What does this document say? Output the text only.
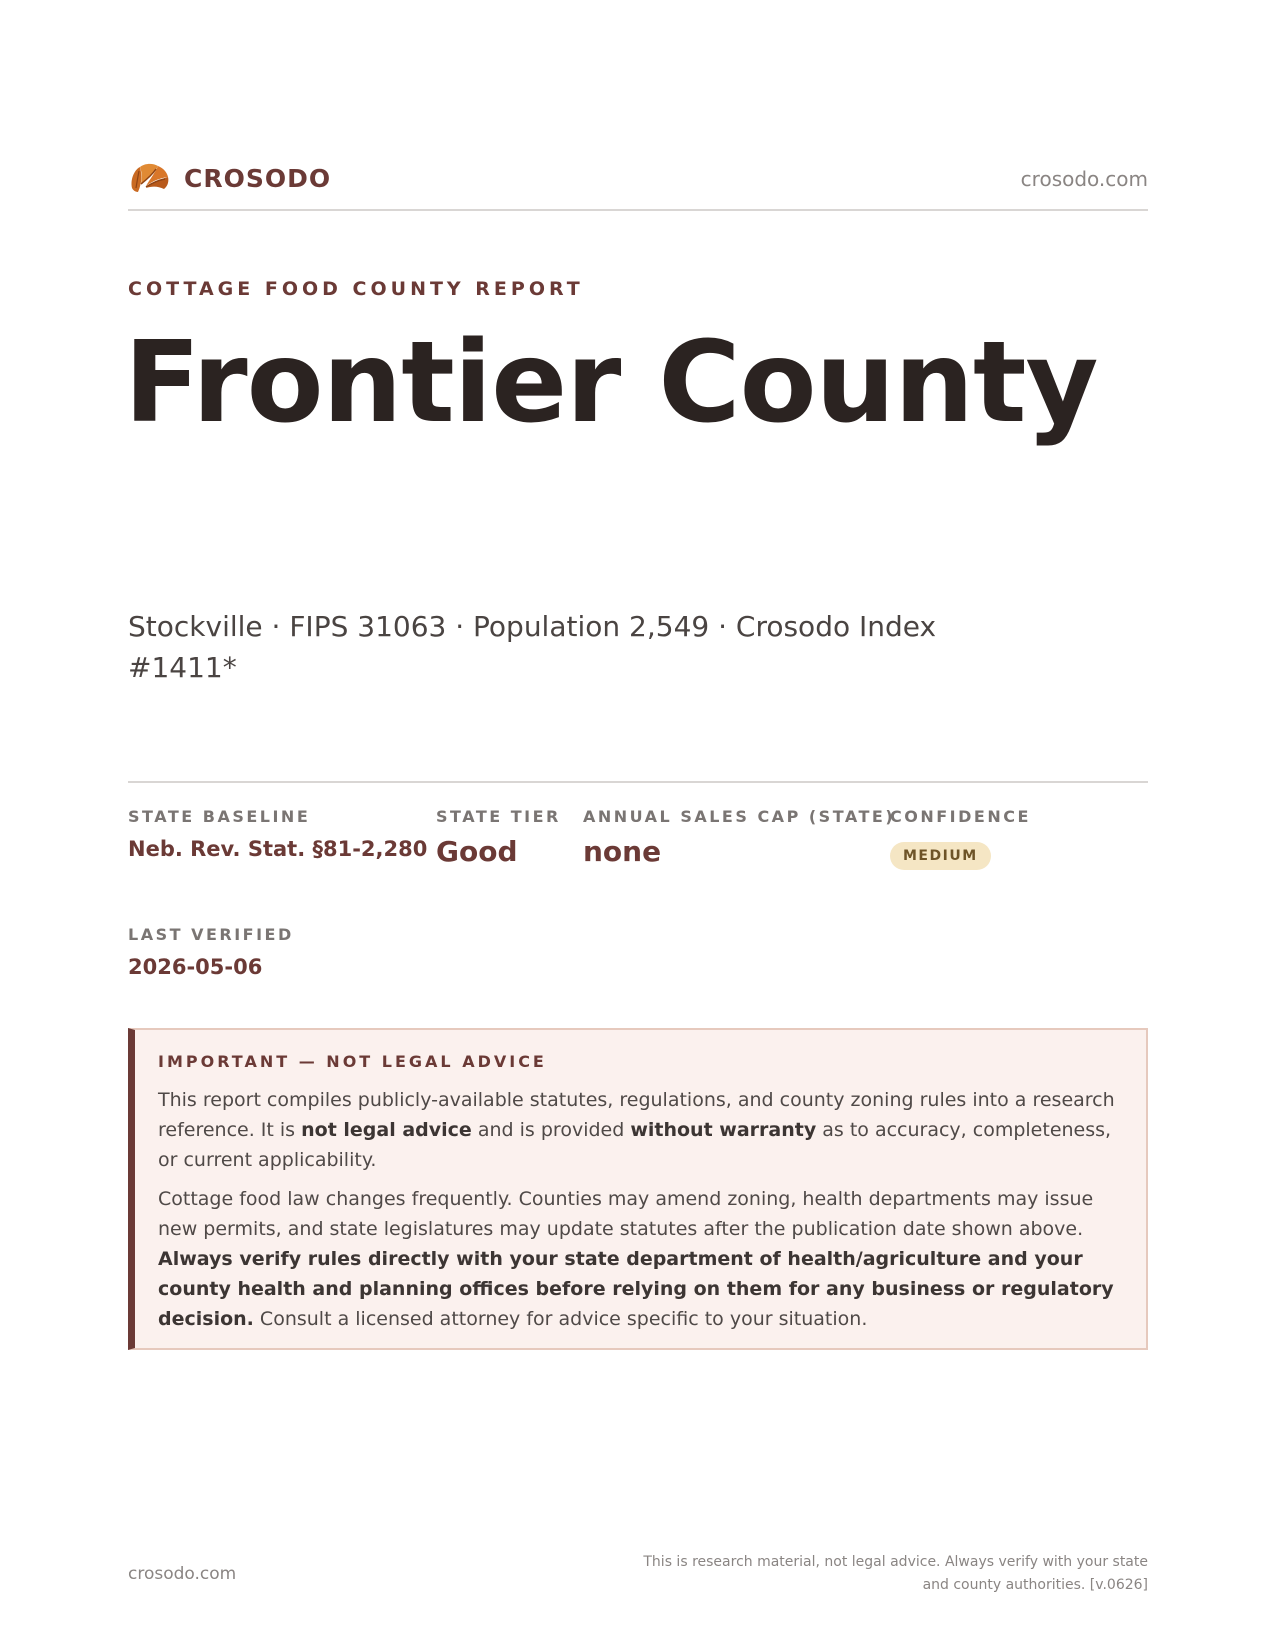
CROSODO	crosodo.com
COTTAGE FOOD COUNTY REPORT
Frontier County
Stockville · FIPS 31063 · Population 2,549 · Crosodo Index #1411*
STATE BASELINE
Neb. Rev. Stat. §81-2,280
STATE TIER
Good
ANNUAL SALES CAP (STATE)
none
CONFIDENCE
MEDIUM
LAST VERIFIED
2026-05-06
IMPORTANT — NOT LEGAL ADVICE

This report compiles publicly-available statutes, regulations, and county zoning rules into a research reference. It is not legal advice and is provided without warranty as to accuracy, completeness, or current applicability.

Cottage food law changes frequently. Counties may amend zoning, health departments may issue new permits, and state legislatures may update statutes after the publication date shown above. Always verify rules directly with your state department of health/agriculture and your county health and planning offices before relying on them for any business or regulatory decision. Consult a licensed attorney for advice specific to your situation.

crosodo.com
This is research material, not legal advice. Always verify with your state and county authorities. [v.0626]
